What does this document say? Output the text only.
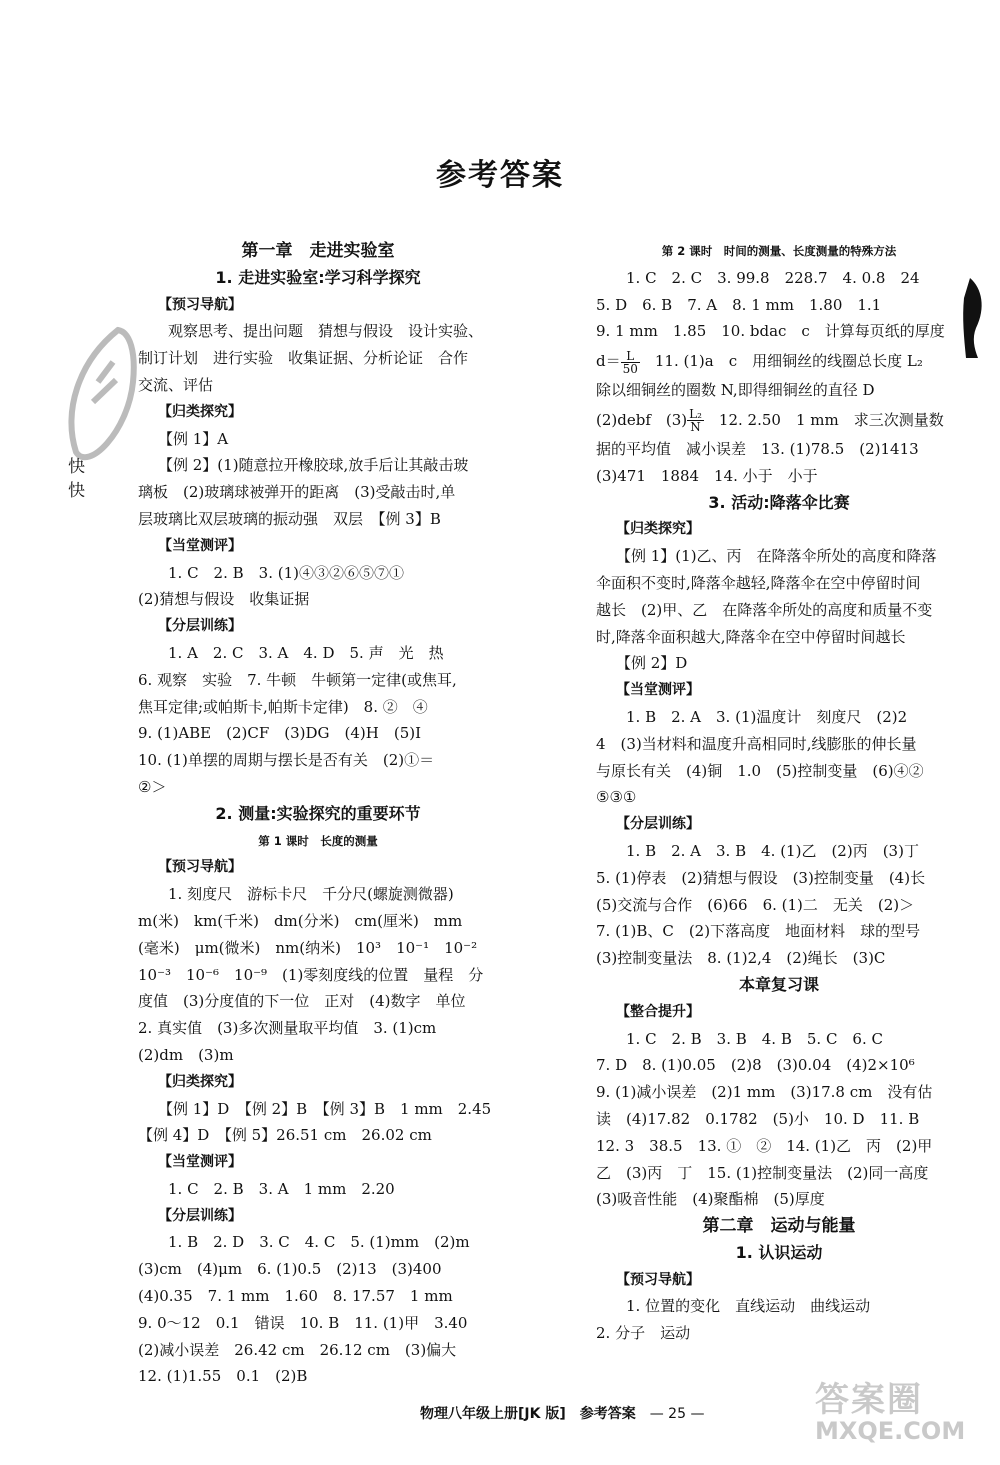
参考答案
快
快
第一章　走进实验室
1. 走进实验室:学习科学探究
【预习导航】
观察思考、提出问题　猜想与假设　设计实验、
制订计划　进行实验　收集证据、分析论证　合作
交流、评估
【归类探究】
【例 1】A
【例 2】(1)随意拉开橡胶球,放手后让其敲击玻
璃板　(2)玻璃球被弹开的距离　(3)受敲击时,单
层玻璃比双层玻璃的振动强　双层　【例 3】B
【当堂测评】
1. C　2. B　3. (1)④③②⑥⑤⑦①
(2)猜想与假设　收集证据
【分层训练】
1. A　2. C　3. A　4. D　5. 声　光　热
6. 观察　实验　7. 牛顿　牛顿第一定律(或焦耳,
焦耳定律;或帕斯卡,帕斯卡定律)　8. ②　④
9. (1)ABE　(2)CF　(3)DG　(4)H　(5)I
10. (1)单摆的周期与摆长是否有关　(2)①＝
②＞
2. 测量:实验探究的重要环节
第 1 课时　长度的测量
【预习导航】
1. 刻度尺　游标卡尺　千分尺(螺旋测微器)
m(米)　km(千米)　dm(分米)　cm(厘米)　mm
(毫米)　μm(微米)　nm(纳米)　10³　10⁻¹　10⁻²
10⁻³　10⁻⁶　10⁻⁹　(1)零刻度线的位置　量程　分
度值　(3)分度值的下一位　正对　(4)数字　单位
2. 真实值　(3)多次测量取平均值　3. (1)cm
(2)dm　(3)m
【归类探究】
【例 1】D　【例 2】B　【例 3】B　1 mm　2.45
【例 4】D　【例 5】26.51 cm　26.02 cm
【当堂测评】
1. C　2. B　3. A　1 mm　2.20
【分层训练】
1. B　2. D　3. C　4. C　5. (1)mm　(2)m
(3)cm　(4)μm　6. (1)0.5　(2)13　(3)400
(4)0.35　7. 1 mm　1.60　8. 17.57　1 mm
9. 0～12　0.1　错误　10. B　11. (1)甲　3.40
(2)减小误差　26.42 cm　26.12 cm　(3)偏大
12. (1)1.55　0.1　(2)B
第 2 课时　时间的测量、长度测量的特殊方法
1. C　2. C　3. 99.8　228.7　4. 0.8　24
5. D　6. B　7. A　8. 1 mm　1.80　1.1
9. 1 mm　1.85　10. bdac　c　计算每页纸的厚度
$d= \frac{L}{50}$ 　11. (1)a　c　用细铜丝的线圈总长度 L₂
除以细铜丝的圈数 N,即得细铜丝的直径 D
(2)debf　$(3) \frac{\text{L₂}}{N}$ 　12. 2.50　1 mm　求三次测量数
据的平均值　减小误差　13. (1)78.5　(2)1413
(3)471　1884　14. 小于　小于
3. 活动:降落伞比赛
【归类探究】
【例 1】(1)乙、丙　在降落伞所处的高度和降落
伞面积不变时,降落伞越轻,降落伞在空中停留时间
越长　(2)甲、乙　在降落伞所处的高度和质量不变
时,降落伞面积越大,降落伞在空中停留时间越长
【例 2】D
【当堂测评】
1. B　2. A　3. (1)温度计　刻度尺　(2)2
4　(3)当材料和温度升高相同时,线膨胀的伸长量
与原长有关　(4)铜　1.0　(5)控制变量　(6)④②
⑤③①
【分层训练】
1. B　2. A　3. B　4. (1)乙　(2)丙　(3)丁
5. (1)停表　(2)猜想与假设　(3)控制变量　(4)长
(5)交流与合作　(6)66　6. (1)二　无关　(2)＞
7. (1)B、C　(2)下落高度　地面材料　球的型号
(3)控制变量法　8. (1)2,4　(2)绳长　(3)C
本章复习课
【整合提升】
1. C　2. B　3. B　4. B　5. C　6. C
7. D　8. (1)0.05　(2)8　(3)0.04　(4)2×10⁶
9. (1)减小误差　(2)1 mm　(3)17.8 cm　没有估
读　(4)17.82　0.1782　(5)小　10. D　11. B
12. 3　38.5　13. ①　②　14. (1)乙　丙　(2)甲
乙　(3)丙　丁　15. (1)控制变量法　(2)同一高度
(3)吸音性能　(4)聚酯棉　(5)厚度
第二章　运动与能量
1. 认识运动
【预习导航】
1. 位置的变化　直线运动　曲线运动
2. 分子　运动
物理八年级上册[JK 版]　 参考答案　 — 25 —	答案圈
MXQE.COM
